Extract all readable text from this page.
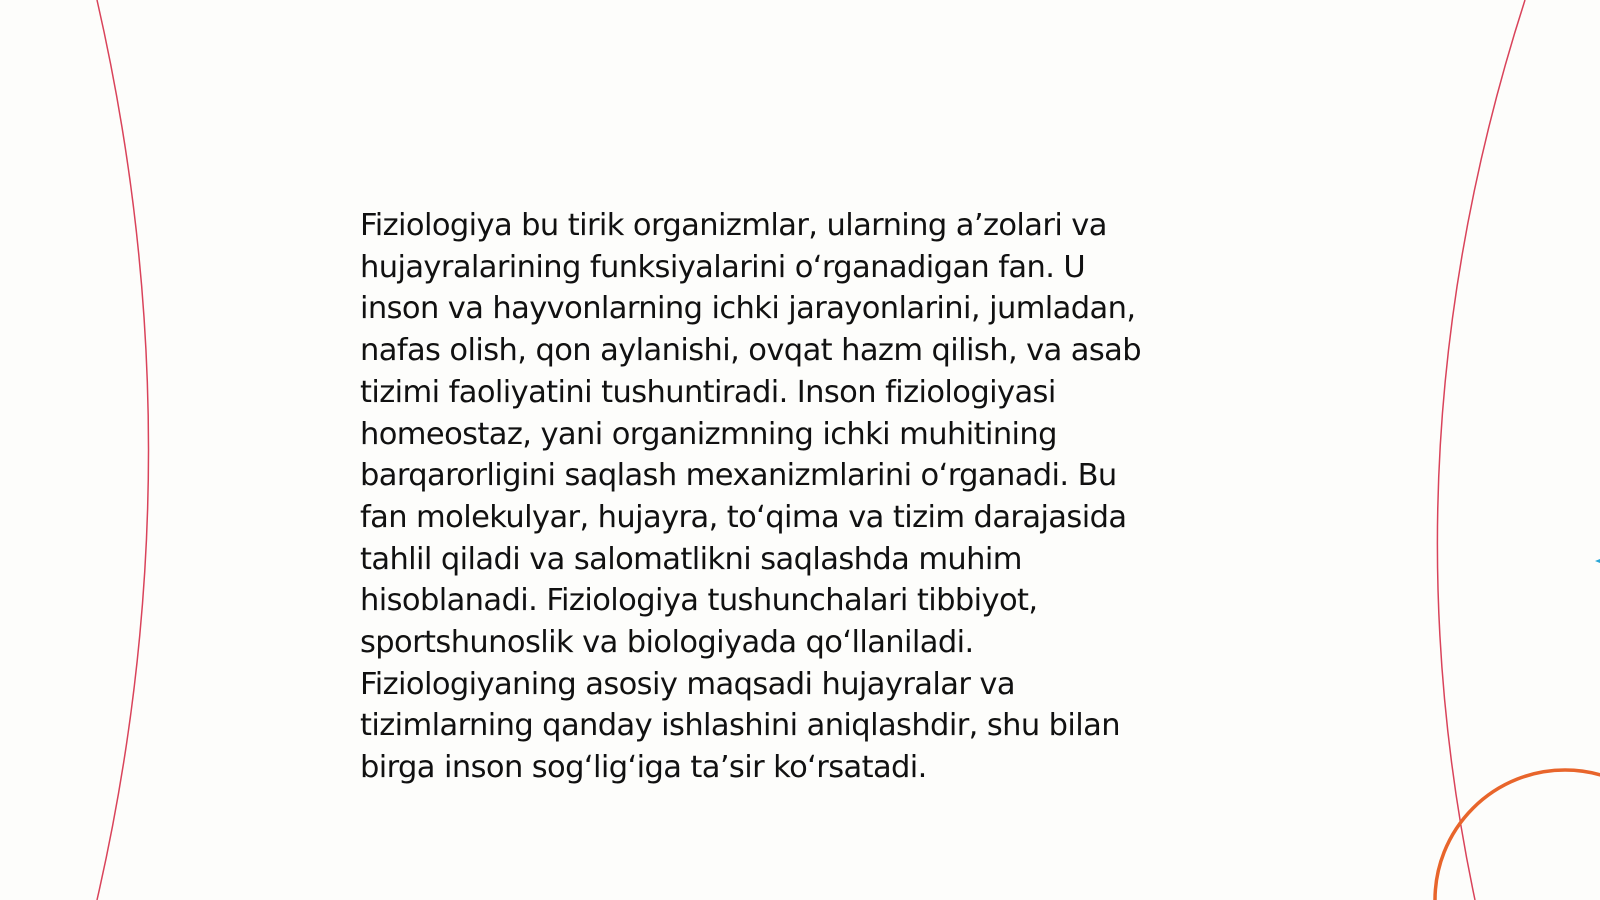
Fiziologiya bu tirik organizmlar, ularning a’zolari va
hujayralarining funksiyalarini o‘rganadigan fan. U
inson va hayvonlarning ichki jarayonlarini, jumladan,
nafas olish, qon aylanishi, ovqat hazm qilish, va asab
tizimi faoliyatini tushuntiradi. Inson fiziologiyasi
homeostaz, yani organizmning ichki muhitining
barqarorligini saqlash mexanizmlarini o‘rganadi. Bu
fan molekulyar, hujayra, to‘qima va tizim darajasida
tahlil qiladi va salomatlikni saqlashda muhim
hisoblanadi. Fiziologiya tushunchalari tibbiyot,
sportshunoslik va biologiyada qo‘llaniladi.
Fiziologiyaning asosiy maqsadi hujayralar va
tizimlarning qanday ishlashini aniqlashdir, shu bilan
birga inson sog‘lig‘iga ta’sir ko‘rsatadi.
